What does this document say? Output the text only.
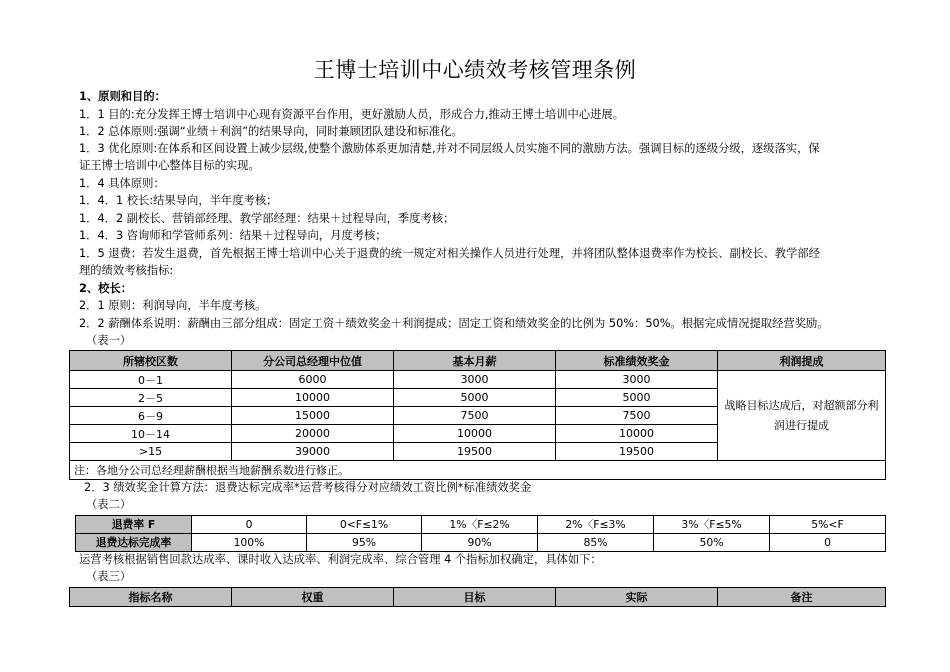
王博士培训中心绩效考核管理条例
1、原则和目的：
1．1 目的:充分发挥王博士培训中心现有资源平台作用，更好激励人员，形成合力,推动王博士培训中心进展。
1．2 总体原则:强调“业绩＋利润”的结果导向，同时兼顾团队建设和标准化。
1．3 优化原则:在体系和区间设置上减少层级,使整个激励体系更加清楚,并对不同层级人员实施不同的激励方法。强调目标的逐级分级，逐级落实，保
证王博士培训中心整体目标的实现。
1．4 具体原则：
1．4．1 校长:结果导向，半年度考核；
1．4．2 副校长、营销部经理、教学部经理：结果＋过程导向，季度考核；
1．4．3 咨询师和学管师系列：结果＋过程导向，月度考核；
1．5 退费：若发生退费，首先根据王博士培训中心关于退费的统一规定对相关操作人员进行处理，并将团队整体退费率作为校长、副校长、教学部经
理的绩效考核指标:
2、校长：
2．1 原则：利润导向，半年度考核。
2．2 薪酬体系说明：薪酬由三部分组成：固定工资＋绩效奖金＋利润提成；固定工资和绩效奖金的比例为 50%：50%。根据完成情况提取经营奖励。
（表一）
所辖校区数	分公司总经理中位值	基本月薪	标准绩效奖金	利润提成
0－1	6000	3000	3000	战略目标达成后，对超额部分利润进行提成
2－5	10000	5000	5000	
6－9	15000	7500	7500	
10－14	20000	10000	10000	
>15	39000	19500	19500	
注：各地分公司总经理薪酬根据当地薪酬系数进行修正。				
2．3 绩效奖金计算方法：退费达标完成率*运营考核得分对应绩效工资比例*标准绩效奖金
（表二）
退费率 F	0	0<F≤1%	1%〈F≤2%	2%〈F≤3%	3%〈F≤5%	5%<F
退费达标完成率	100%	95%	90%	85%	50%	0
运营考核根据销售回款达成率、课时收入达成率、利润完成率、综合管理 4 个指标加权确定，具体如下：
（表三）
指标名称	权重	目标	实际	备注
